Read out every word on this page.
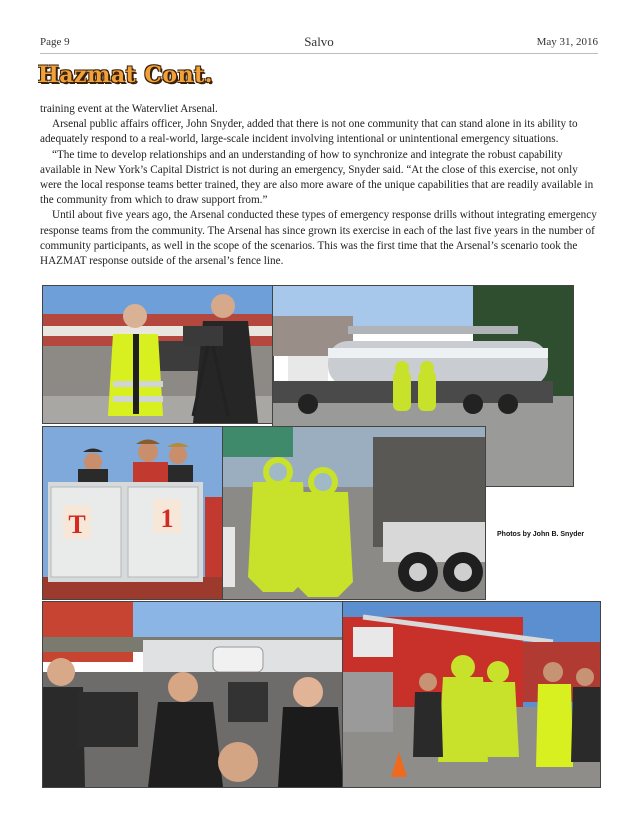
Page 9	Salvo	May 31, 2016
Hazmat Cont.

training event at the Watervliet Arsenal.

Arsenal public affairs officer, John Snyder, added that there is not one community that can stand alone in its ability to adequately respond to a real-world, large-scale incident involving intentional or unintentional emergency situations.

“The time to develop relationships and an understanding of how to synchronize and integrate the robust capability available in New York’s Capital District is not during an emergency, Snyder said. “At the close of this exercise, not only were the local response teams better trained, they are also more aware of the unique capabilities that are readily available in the community from which to draw support from.”

Until about five years ago, the Arsenal conducted these types of emergency response drills without integrating emergency response teams from the community. The Arsenal has since grown its exercise in each of the last five years in the number of community participants, as well in the scope of the scenarios. This was the first time that the Arsenal’s scenario took the HAZMAT response outside of the arsenal’s fence line.

T	1
Photos by John B. Snyder
